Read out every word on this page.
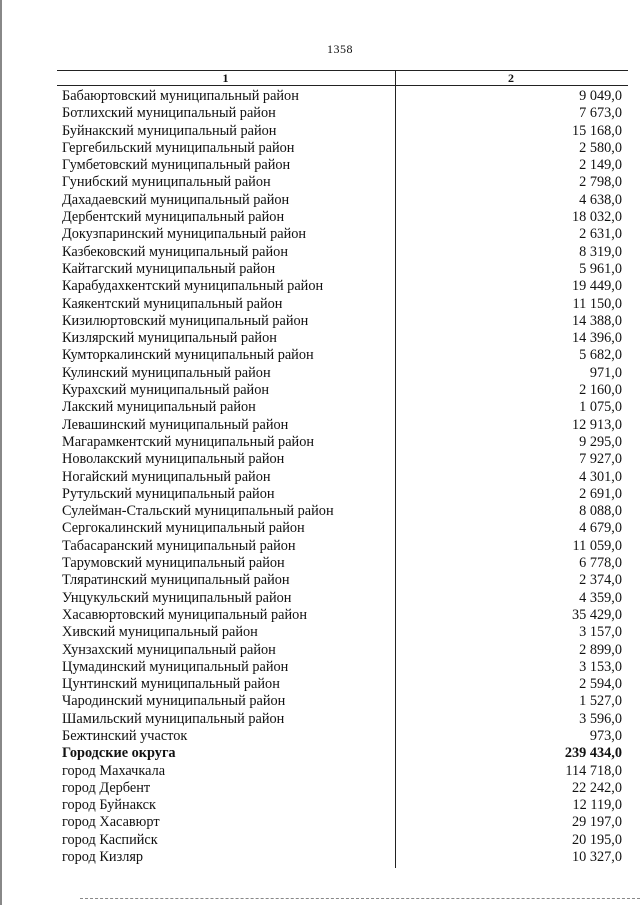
1358
1	2
Бабаюртовский муниципальный район	9 049,0
Ботлихский муниципальный район	7 673,0
Буйнакский муниципальный район	15 168,0
Гергебильский муниципальный район	2 580,0
Гумбетовский муниципальный район	2 149,0
Гунибский муниципальный район	2 798,0
Дахадаевский муниципальный район	4 638,0
Дербентский муниципальный район	18 032,0
Докузпаринский муниципальный район	2 631,0
Казбековский муниципальный район	8 319,0
Кайтагский муниципальный район	5 961,0
Карабудахкентский муниципальный район	19 449,0
Каякентский муниципальный район	11 150,0
Кизилюртовский муниципальный район	14 388,0
Кизлярский муниципальный район	14 396,0
Кумторкалинский муниципальный район	5 682,0
Кулинский муниципальный район	971,0
Курахский муниципальный район	2 160,0
Лакский муниципальный район	1 075,0
Левашинский муниципальный район	12 913,0
Магарамкентский муниципальный район	9 295,0
Новолакский муниципальный район	7 927,0
Ногайский муниципальный район	4 301,0
Рутульский муниципальный район	2 691,0
Сулейман-Стальский муниципальный район	8 088,0
Сергокалинский муниципальный район	4 679,0
Табасаранский муниципальный район	11 059,0
Тарумовский муниципальный район	6 778,0
Тляратинский муниципальный район	2 374,0
Унцукульский муниципальный район	4 359,0
Хасавюртовский муниципальный район	35 429,0
Хивский муниципальный район	3 157,0
Хунзахский муниципальный район	2 899,0
Цумадинский муниципальный район	3 153,0
Цунтинский муниципальный район	2 594,0
Чародинский муниципальный район	1 527,0
Шамильский муниципальный район	3 596,0
Бежтинский участок	973,0
Городские округа	239 434,0
город Махачкала	114 718,0
город Дербент	22 242,0
город Буйнакск	12 119,0
город Хасавюрт	29 197,0
город Каспийск	20 195,0
город Кизляр	10 327,0
